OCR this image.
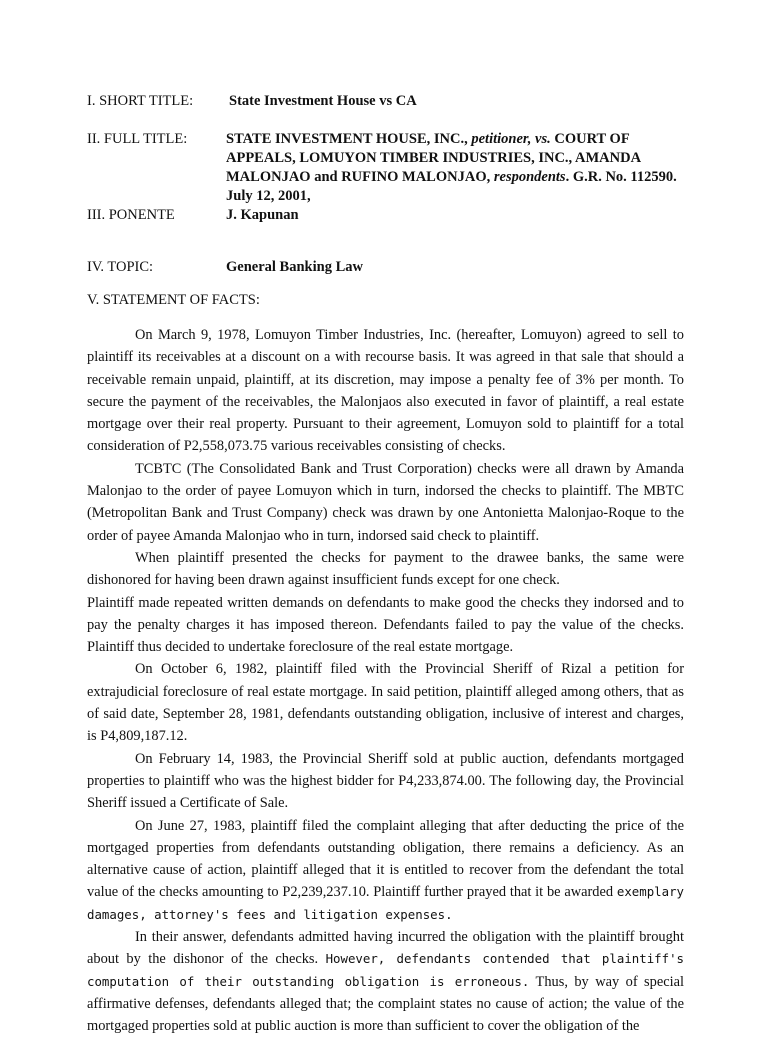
I. SHORT TITLE:	State Investment House vs CA
II. FULL TITLE:	STATE INVESTMENT HOUSE, INC., petitioner, vs. COURT OF APPEALS, LOMUYON TIMBER INDUSTRIES, INC., AMANDA MALONJAO and RUFINO MALONJAO, respondents. G.R. No. 112590. July 12, 2001,
III. PONENTE	J. Kapunan
IV. TOPIC:	General Banking Law
V. STATEMENT OF FACTS:

On March 9, 1978, Lomuyon Timber Industries, Inc. (hereafter, Lomuyon) agreed to sell to plaintiff its receivables at a discount on a with recourse basis. It was agreed in that sale that should a receivable remain unpaid, plaintiff, at its discretion, may impose a penalty fee of 3% per month. To secure the payment of the receivables, the Malonjaos also executed in favor of plaintiff, a real estate mortgage over their real property. Pursuant to their agreement, Lomuyon sold to plaintiff for a total consideration of P2,558,073.75 various receivables consisting of checks.

TCBTC (The Consolidated Bank and Trust Corporation) checks were all drawn by Amanda Malonjao to the order of payee Lomuyon which in turn, indorsed the checks to plaintiff. The MBTC (Metropolitan Bank and Trust Company) check was drawn by one Antonietta Malonjao-Roque to the order of payee Amanda Malonjao who in turn, indorsed said check to plaintiff.

When plaintiff presented the checks for payment to the drawee banks, the same were dishonored for having been drawn against insufficient funds except for one check.

Plaintiff made repeated written demands on defendants to make good the checks they indorsed and to pay the penalty charges it has imposed thereon. Defendants failed to pay the value of the checks. Plaintiff thus decided to undertake foreclosure of the real estate mortgage.

On October 6, 1982, plaintiff filed with the Provincial Sheriff of Rizal a petition for extrajudicial foreclosure of real estate mortgage. In said petition, plaintiff alleged among others, that as of said date, September 28, 1981, defendants outstanding obligation, inclusive of interest and charges, is P4,809,187.12.

On February 14, 1983, the Provincial Sheriff sold at public auction, defendants mortgaged properties to plaintiff who was the highest bidder for P4,233,874.00. The following day, the Provincial Sheriff issued a Certificate of Sale.

On June 27, 1983, plaintiff filed the complaint alleging that after deducting the price of the mortgaged properties from defendants outstanding obligation, there remains a deficiency. As an alternative cause of action, plaintiff alleged that it is entitled to recover from the defendant the total value of the checks amounting to P2,239,237.10. Plaintiff further prayed that it be awarded exemplary damages, attorney's fees and litigation expenses.

In their answer, defendants admitted having incurred the obligation with the plaintiff brought about by the dishonor of the checks. However, defendants contended that plaintiff's computation of their outstanding obligation is erroneous. Thus, by way of special affirmative defenses, defendants alleged that; the complaint states no cause of action; the value of the mortgaged properties sold at public auction is more than sufficient to cover the obligation of the
